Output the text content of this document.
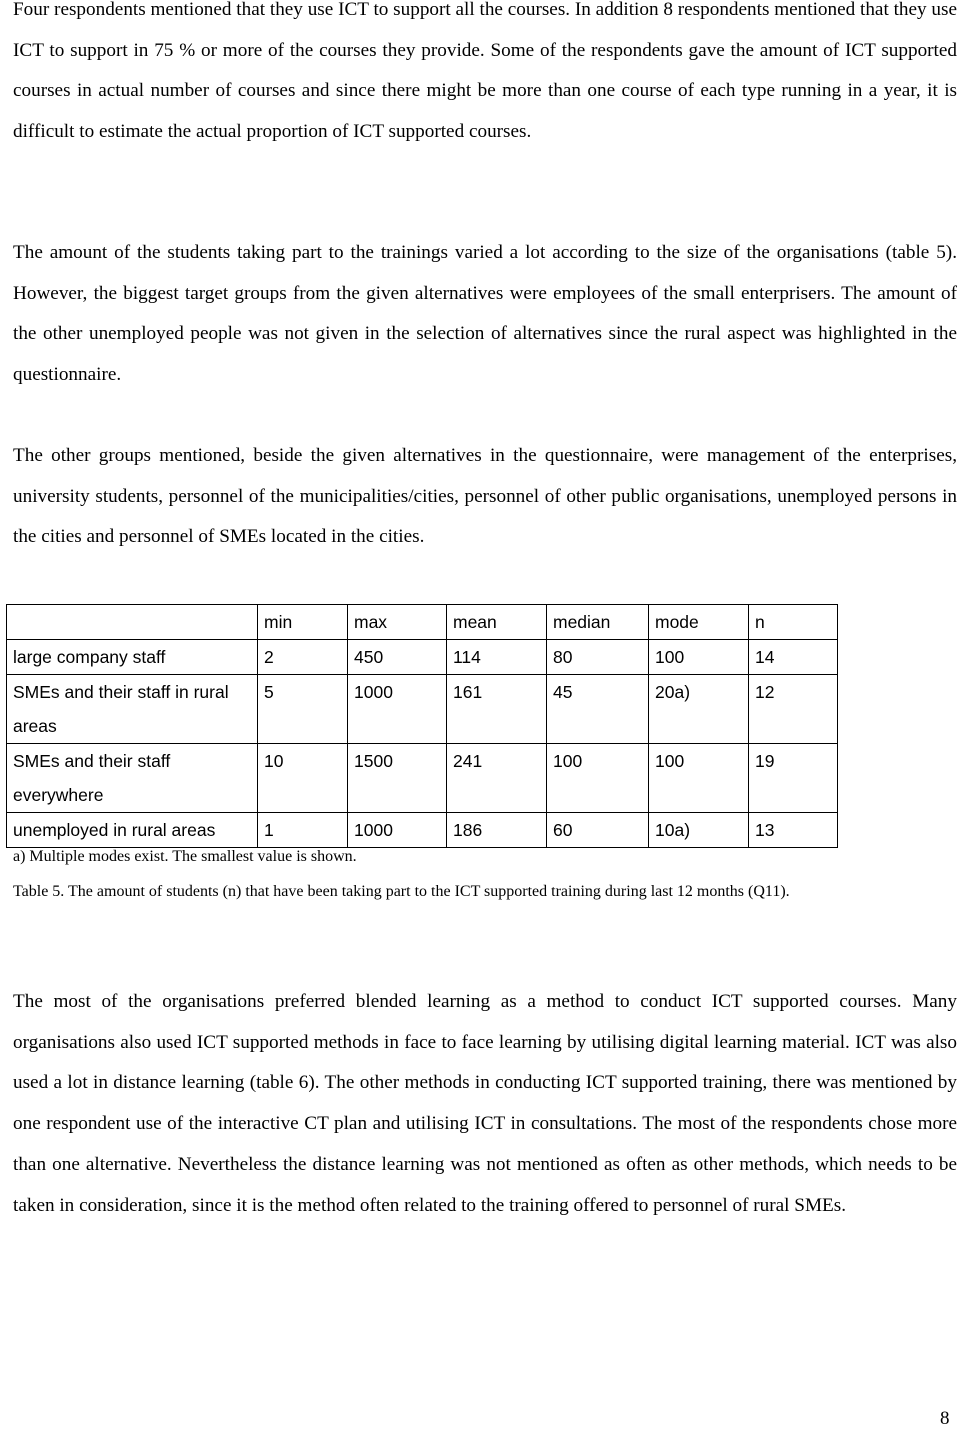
Four respondents mentioned that they use ICT to support all the courses. In addition 8 respondents mentioned that they use ICT to support in 75 % or more of the courses they provide. Some of the respondents gave the amount of ICT supported courses in actual number of courses and since there might be more than one course of each type running in a year, it is difficult to estimate the actual proportion of ICT supported courses.

The amount of the students taking part to the trainings varied a lot according to the size of the organisations (table 5). However, the biggest target groups from the given alternatives were employees of the small enterprisers. The amount of the other unemployed people was not given in the selection of alternatives since the rural aspect was highlighted in the questionnaire.

The other groups mentioned, beside the given alternatives in the questionnaire, were management of the enterprises, university students, personnel of the municipalities/cities, personnel of other public organisations, unemployed persons in the cities and personnel of SMEs located in the cities.

	min	max	mean	median	mode	n
large company staff	2	450	114	80	100	14
SMEs and their staff in rural areas	5	1000	161	45	20a)	12
SMEs and their staff everywhere	10	1500	241	100	100	19
unemployed in rural areas	1	1000	186	60	10a)	13

a) Multiple modes exist. The smallest value is shown.

Table 5. The amount of students (n) that have been taking part to the ICT supported training during last 12 months (Q11).

The most of the organisations preferred blended learning as a method to conduct ICT supported courses. Many organisations also used ICT supported methods in face to face learning by utilising digital learning material. ICT was also used a lot in distance learning (table 6). The other methods in conducting ICT supported training, there was mentioned by one respondent use of the interactive CT plan and utilising ICT in consultations. The most of the respondents chose more than one alternative. Nevertheless the distance learning was not mentioned as often as other methods, which needs to be taken in consideration, since it is the method often related to the training offered to personnel of rural SMEs.

8
